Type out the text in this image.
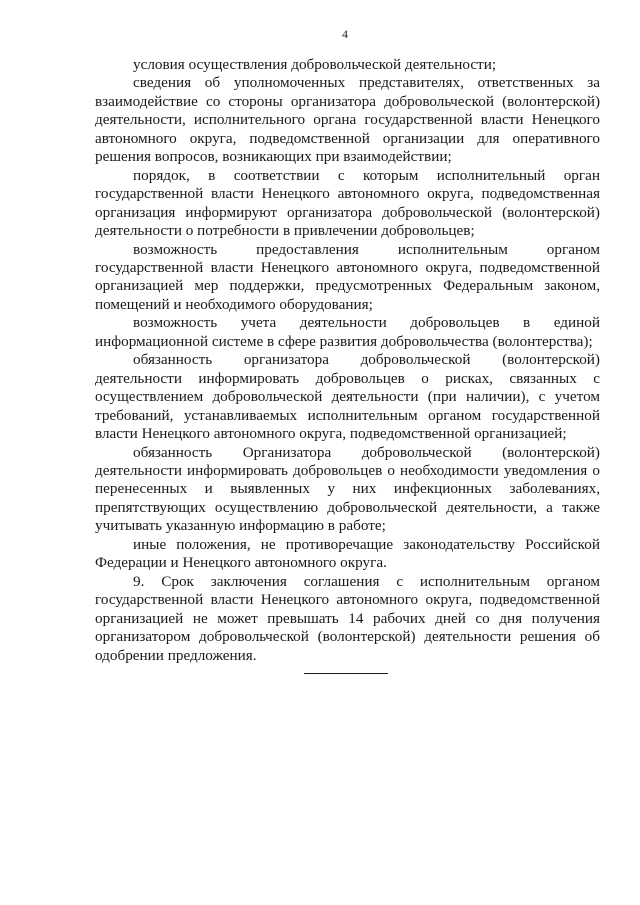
4

условия осуществления добровольческой деятельности;

сведения об уполномоченных представителях, ответственных за взаимодействие со стороны организатора добровольческой (волонтерской) деятельности, исполнительного органа государственной власти Ненецкого автономного округа, подведомственной организации для оперативного решения вопросов, возникающих при взаимодействии;

порядок, в соответствии с которым исполнительный орган государственной власти Ненецкого автономного округа, подведомственная организация информируют организатора добровольческой (волонтерской) деятельности о потребности в привлечении добровольцев;

возможность предоставления исполнительным органом государственной власти Ненецкого автономного округа, подведомственной организацией мер поддержки, предусмотренных Федеральным законом, помещений и необходимого оборудования;

возможность учета деятельности добровольцев в единой информационной системе в сфере развития добровольчества (волонтерства);

обязанность организатора добровольческой (волонтерской) деятельности информировать добровольцев о рисках, связанных с осуществлением добровольческой деятельности (при наличии), с учетом требований, устанавливаемых исполнительным органом государственной власти Ненецкого автономного округа, подведомственной организацией;

обязанность Организатора добровольческой (волонтерской) деятельности информировать добровольцев о необходимости уведомления о перенесенных и выявленных у них инфекционных заболеваниях, препятствующих осуществлению добровольческой деятельности, а также учитывать указанную информацию в работе;

иные положения, не противоречащие законодательству Российской Федерации и Ненецкого автономного округа.

9. Срок заключения соглашения с исполнительным органом государственной власти Ненецкого автономного округа, подведомственной организацией не может превышать 14 рабочих дней со дня получения организатором добровольческой (волонтерской) деятельности решения об одобрении предложения.
